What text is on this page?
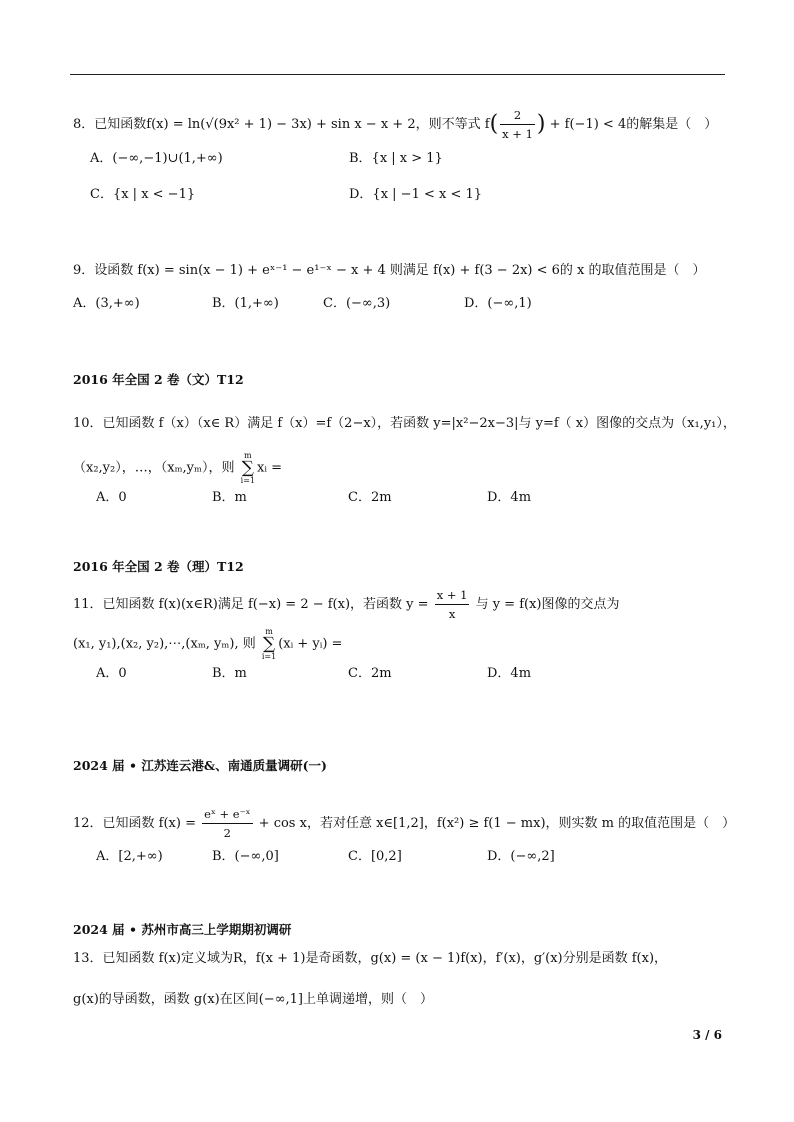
8．已知函数f(x) = ln(√(9x² + 1) − 3x) + sin x − x + 2，则不等式 $f( \frac{2}{x + 1}$ ) + f(−1) < 4的解集是（　）
A．(−∞,−1)∪(1,+∞)	B．{x | x > 1}
C．{x | x < −1}	D．{x | −1 < x < 1}
9．设函数 f(x) = sin(x − 1) + eˣ⁻¹ − e¹⁻ˣ − x + 4 则满足 f(x) + f(3 − 2x) < 6的 x 的取值范围是（　）
A．(3,+∞)	B．(1,+∞)	C．(−∞,3)	D．(−∞,1)
2016 年全国 2 卷（文）T12
10．已知函数 f（x）（x∈ R）满足 f（x）=f（2−x），若函数 y=|x²−2x−3|与 y=f（ x）图像的交点为（x₁,y₁），
（x₂,y₂），…，（xₘ,yₘ），则
m
∑
i=1
xᵢ =
A．0	B．m	C．2m	D．4m
2016 年全国 2 卷（理）T12
11．已知函数 f(x)(x∈R)满足 f(−x) = 2 − f(x)，若函数 $y = \frac{x + 1}{x}$ 与 y = f(x)图像的交点为
(x₁, y₁),(x₂, y₂),⋯,(xₘ, yₘ), 则
m
∑
i=1
(xᵢ + yᵢ) =
A．0	B．m	C．2m	D．4m
2024 届 • 江苏连云港&、南通质量调研(一)
12．已知函数 $f(x) = \frac{\text{eˣ + e⁻ˣ}}{2} + \cos x$，若对任意 x∈[1,2]，f(x²) ≥ f(1 − mx)，则实数 m 的取值范围是（　）
A．[2,+∞)	B．(−∞,0]	C．[0,2]	D．(−∞,2]
2024 届 • 苏州市高三上学期期初调研
13．已知函数 f(x)定义域为R，f(x + 1)是奇函数，g(x) = (x − 1)f(x)，f′(x)，g′(x)分别是函数 f(x)，
g(x)的导函数，函数 g(x)在区间(−∞,1]上单调递增，则（　）
3 / 6
